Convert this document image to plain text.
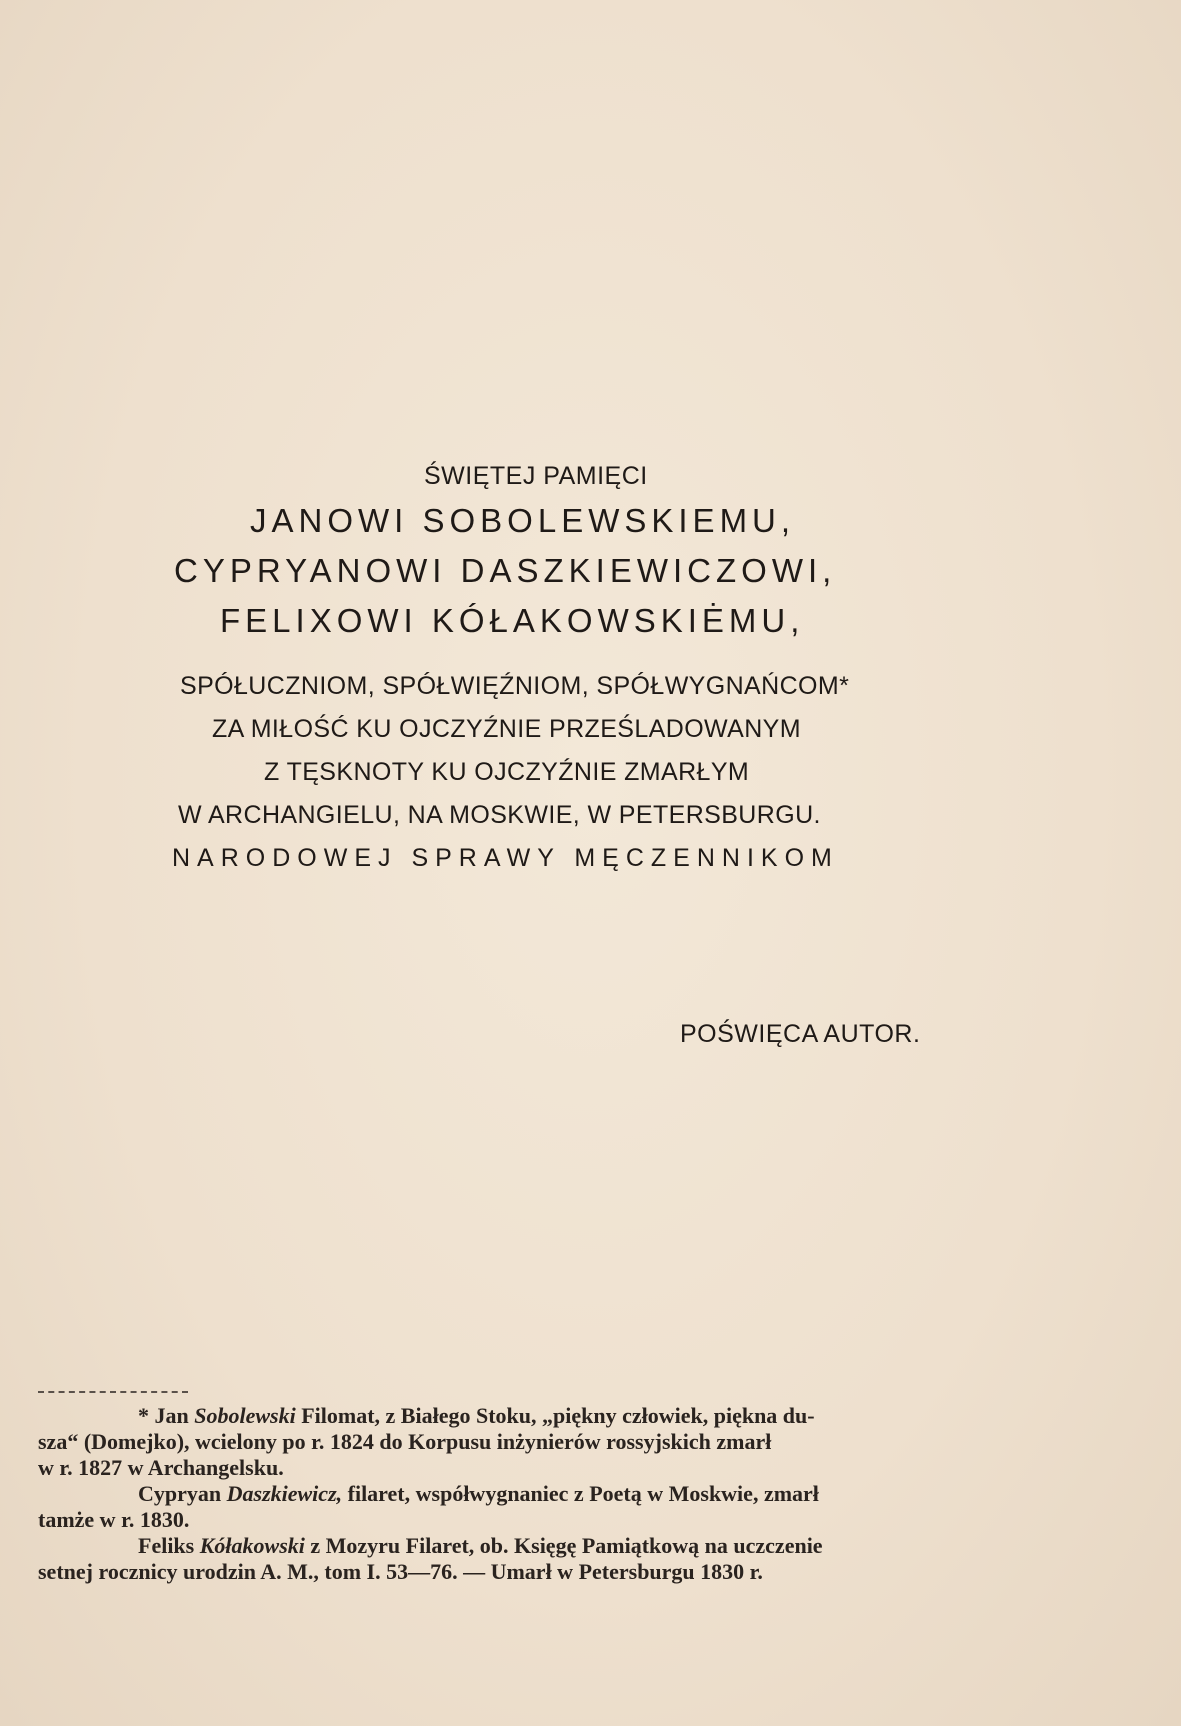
ŚWIĘTEJ PAMIĘCI
JANOWI SOBOLEWSKIEMU,
CYPRYANOWI DASZKIEWICZOWI,
FELIXOWI KÓŁAKOWSKIĖMU,
SPÓŁUCZNIOM, SPÓŁWIĘŹNIOM, SPÓŁWYGNAŃCOM*
ZA MIŁOŚĆ KU OJCZYŹNIE PRZEŚLADOWANYM
Z TĘSKNOTY KU OJCZYŹNIE ZMARŁYM
W ARCHANGIELU, NA MOSKWIE, W PETERSBURGU.
NARODOWEJ SPRAWY MĘCZENNIKOM
POŚWIĘCA AUTOR.
* Jan Sobolewski Filomat, z Białego Stoku, „piękny człowiek, piękna du-
sza“ (Domejko), wcielony po r. 1824 do Korpusu inżynierów rossyjskich zmarł
w r. 1827 w Archangelsku.
Cypryan Daszkiewicz, filaret, współwygnaniec z Poetą w Moskwie, zmarł
tamże w r. 1830.
Feliks Kółakowski z Mozyru Filaret, ob. Księgę Pamiątkową na uczczenie
setnej rocznicy urodzin A. M., tom I. 53—76. — Umarł w Petersburgu 1830 r.
